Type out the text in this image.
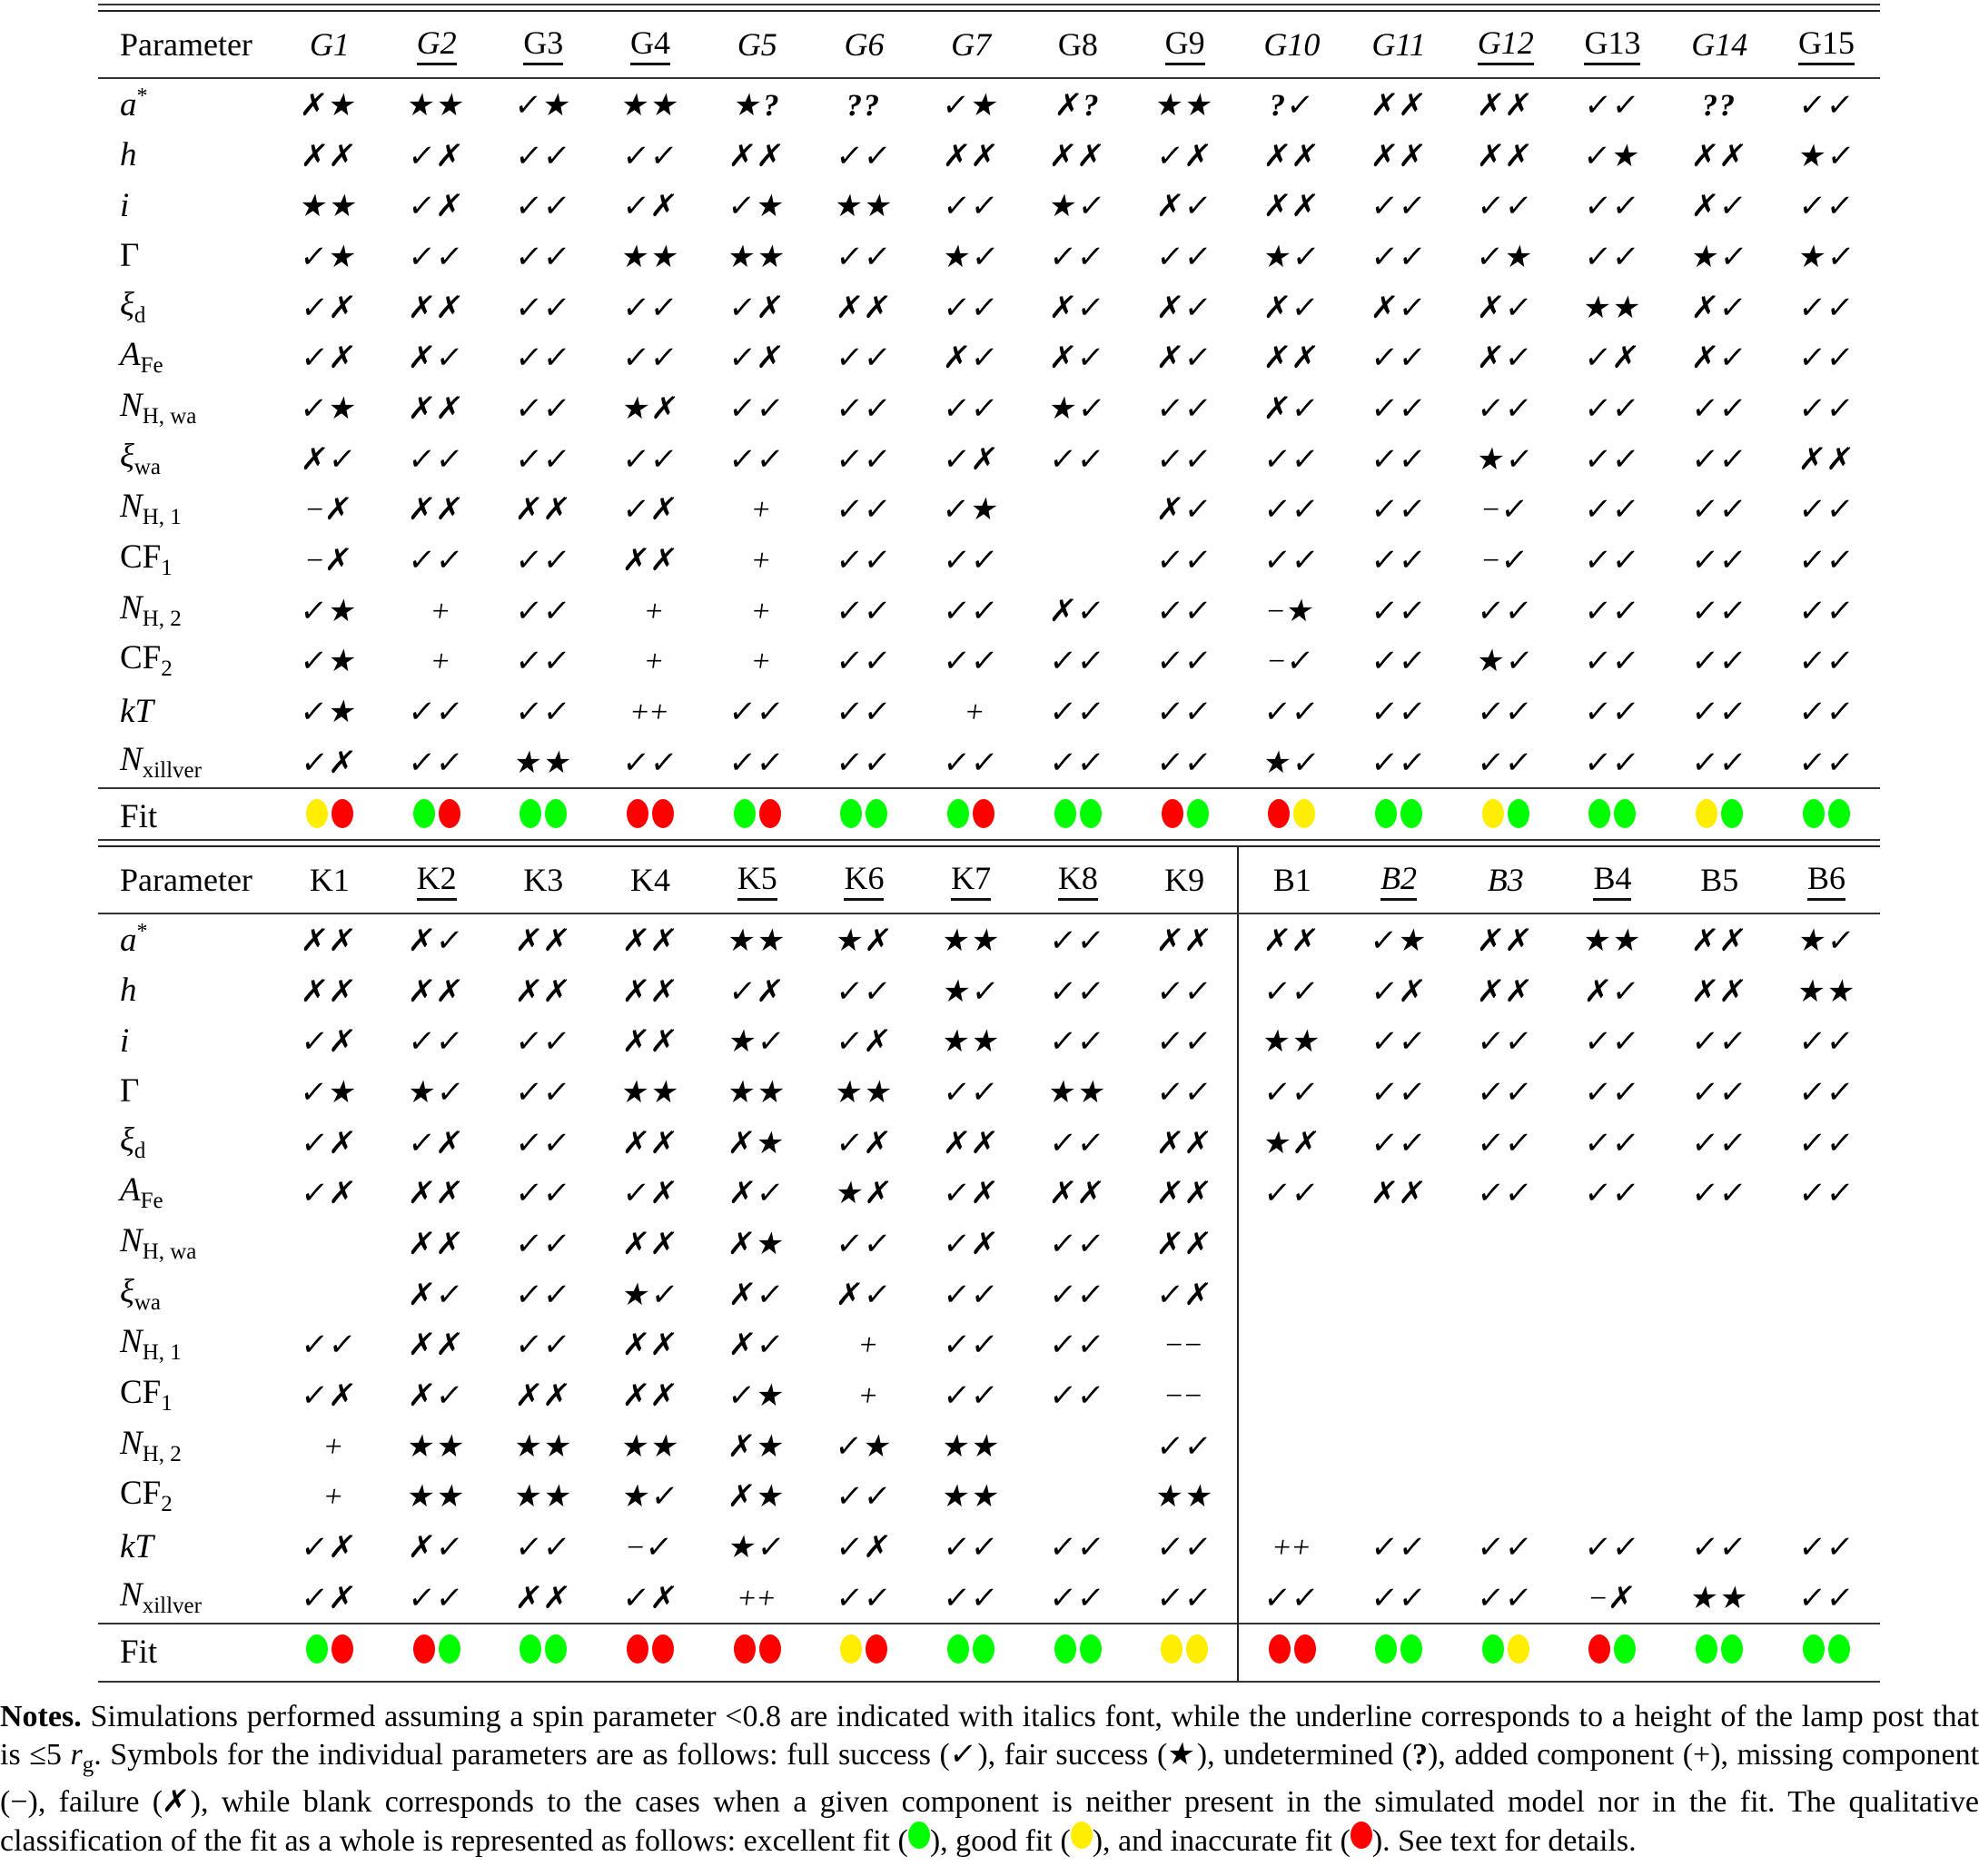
Parameter	G1	G2	G3	G4	G5	G6	G7	G8	G9	G10	G11	G12	G13	G14	G15
a*	✗★	★★	✓★	★★	★?	??	✓★	✗?	★★	?✓	✗✗	✗✗	✓✓	??	✓✓
h	✗✗	✓✗	✓✓	✓✓	✗✗	✓✓	✗✗	✗✗	✓✗	✗✗	✗✗	✗✗	✓★	✗✗	★✓
i	★★	✓✗	✓✓	✓✗	✓★	★★	✓✓	★✓	✗✓	✗✗	✓✓	✓✓	✓✓	✗✓	✓✓
Γ	✓★	✓✓	✓✓	★★	★★	✓✓	★✓	✓✓	✓✓	★✓	✓✓	✓★	✓✓	★✓	★✓
$\xi_d$	✓✗	✗✗	✓✓	✓✓	✓✗	✗✗	✓✓	✗✓	✗✓	✗✓	✗✓	✗✓	★★	✗✓	✓✓
$A_{Fe}$	✓✗	✗✓	✓✓	✓✓	✓✗	✓✓	✗✓	✗✓	✗✓	✗✗	✓✓	✗✓	✓✗	✗✓	✓✓
$N_{H, wa}$	✓★	✗✗	✓✓	★✗	✓✓	✓✓	✓✓	★✓	✓✓	✗✓	✓✓	✓✓	✓✓	✓✓	✓✓
$\xi_{wa}$	✗✓	✓✓	✓✓	✓✓	✓✓	✓✓	✓✗	✓✓	✓✓	✓✓	✓✓	★✓	✓✓	✓✓	✗✗
$N_{H, 1}$	−✗	✗✗	✗✗	✓✗	+	✓✓	✓★		✗✓	✓✓	✓✓	−✓	✓✓	✓✓	✓✓
$CF_1$	−✗	✓✓	✓✓	✗✗	+	✓✓	✓✓		✓✓	✓✓	✓✓	−✓	✓✓	✓✓	✓✓
$N_{H, 2}$	✓★	+	✓✓	+	+	✓✓	✓✓	✗✓	✓✓	−★	✓✓	✓✓	✓✓	✓✓	✓✓
$CF_2$	✓★	+	✓✓	+	+	✓✓	✓✓	✓✓	✓✓	−✓	✓✓	★✓	✓✓	✓✓	✓✓
kT	✓★	✓✓	✓✓	++	✓✓	✓✓	+	✓✓	✓✓	✓✓	✓✓	✓✓	✓✓	✓✓	✓✓
$N_{xillver}$	✓✗	✓✓	★★	✓✓	✓✓	✓✓	✓✓	✓✓	✓✓	★✓	✓✓	✓✓	✓✓	✓✓	✓✓
Fit	

Parameter	K1	K2	K3	K4	K5	K6	K7	K8	K9	B1	B2	B3	B4	B5	B6
a*	✗✗	✗✓	✗✗	✗✗	★★	★✗	★★	✓✓	✗✗	✗✗	✓★	✗✗	★★	✗✗	★✓
h	✗✗	✗✗	✗✗	✗✗	✓✗	✓✓	★✓	✓✓	✓✓	✓✓	✓✗	✗✗	✗✓	✗✗	★★
i	✓✗	✓✓	✓✓	✗✗	★✓	✓✗	★★	✓✓	✓✓	★★	✓✓	✓✓	✓✓	✓✓	✓✓
Γ	✓★	★✓	✓✓	★★	★★	★★	✓✓	★★	✓✓	✓✓	✓✓	✓✓	✓✓	✓✓	✓✓
$\xi_d$	✓✗	✓✗	✓✓	✗✗	✗★	✓✗	✗✗	✓✓	✗✗	★✗	✓✓	✓✓	✓✓	✓✓	✓✓
$A_{Fe}$	✓✗	✗✗	✓✓	✓✗	✗✓	★✗	✓✗	✗✗	✗✗	✓✓	✗✗	✓✓	✓✓	✓✓	✓✓
$N_{H, wa}$		✗✗	✓✓	✗✗	✗★	✓✓	✓✗	✓✓	✗✗						
$\xi_{wa}$		✗✓	✓✓	★✓	✗✓	✗✓	✓✓	✓✓	✓✗						
$N_{H, 1}$	✓✓	✗✗	✓✓	✗✗	✗✓	+	✓✓	✓✓	−−						
$CF_1$	✓✗	✗✓	✗✗	✗✗	✓★	+	✓✓	✓✓	−−						
$N_{H, 2}$	+	★★	★★	★★	✗★	✓★	★★		✓✓						
$CF_2$	+	★★	★★	★✓	✗★	✓✓	★★		★★						
kT	✓✗	✗✓	✓✓	−✓	★✓	✓✗	✓✓	✓✓	✓✓	++	✓✓	✓✓	✓✓	✓✓	✓✓
$N_{xillver}$	✓✗	✓✓	✗✗	✓✗	++	✓✓	✓✓	✓✓	✓✓	✓✓	✓✓	✓✓	−✗	★★	✓✓
Fit	

Notes. Simulations performed assuming a spin parameter <0.8 are indicated with italics font, while the underline corresponds to a height of the lamp post that is ≤5 $r_g$. Symbols for the individual parameters are as follows: full success (✓), fair success (★), undetermined (?), added component (+), missing component (−), failure (✗), while blank corresponds to the cases when a given component is neither present in the simulated model nor in the fit. The qualitative classification of the fit as a whole is represented as follows: excellent fit ( ), good fit ( ), and inaccurate fit ( ). See text for details.
